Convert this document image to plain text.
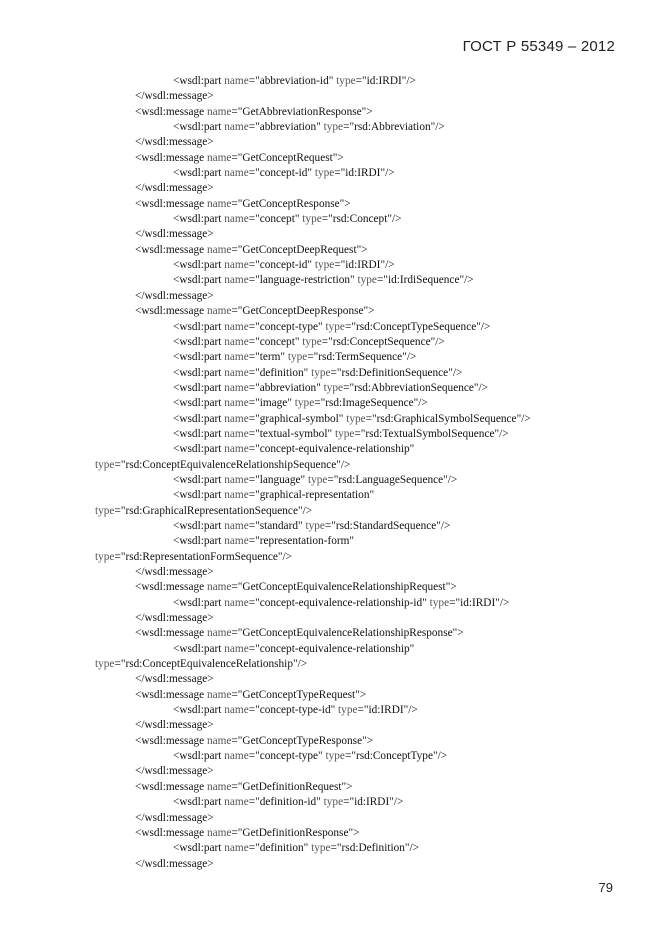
ГОСТ Р 55349 – 2012
<wsdl:part name="abbreviation-id" type="id:IRDI"/>
</wsdl:message>
<wsdl:message name="GetAbbreviationResponse">
<wsdl:part name="abbreviation" type="rsd:Abbreviation"/>
</wsdl:message>
<wsdl:message name="GetConceptRequest">
<wsdl:part name="concept-id" type="id:IRDI"/>
</wsdl:message>
<wsdl:message name="GetConceptResponse">
<wsdl:part name="concept" type="rsd:Concept"/>
</wsdl:message>
<wsdl:message name="GetConceptDeepRequest">
<wsdl:part name="concept-id" type="id:IRDI"/>
<wsdl:part name="language-restriction" type="id:IrdiSequence"/>
</wsdl:message>
<wsdl:message name="GetConceptDeepResponse">
<wsdl:part name="concept-type" type="rsd:ConceptTypeSequence"/>
<wsdl:part name="concept" type="rsd:ConceptSequence"/>
<wsdl:part name="term" type="rsd:TermSequence"/>
<wsdl:part name="definition" type="rsd:DefinitionSequence"/>
<wsdl:part name="abbreviation" type="rsd:AbbreviationSequence"/>
<wsdl:part name="image" type="rsd:ImageSequence"/>
<wsdl:part name="graphical-symbol" type="rsd:GraphicalSymbolSequence"/>
<wsdl:part name="textual-symbol" type="rsd:TextualSymbolSequence"/>
<wsdl:part name="concept-equivalence-relationship"
type="rsd:ConceptEquivalenceRelationshipSequence"/>
<wsdl:part name="language" type="rsd:LanguageSequence"/>
<wsdl:part name="graphical-representation"
type="rsd:GraphicalRepresentationSequence"/>
<wsdl:part name="standard" type="rsd:StandardSequence"/>
<wsdl:part name="representation-form"
type="rsd:RepresentationFormSequence"/>
</wsdl:message>
<wsdl:message name="GetConceptEquivalenceRelationshipRequest">
<wsdl:part name="concept-equivalence-relationship-id" type="id:IRDI"/>
</wsdl:message>
<wsdl:message name="GetConceptEquivalenceRelationshipResponse">
<wsdl:part name="concept-equivalence-relationship"
type="rsd:ConceptEquivalenceRelationship"/>
</wsdl:message>
<wsdl:message name="GetConceptTypeRequest">
<wsdl:part name="concept-type-id" type="id:IRDI"/>
</wsdl:message>
<wsdl:message name="GetConceptTypeResponse">
<wsdl:part name="concept-type" type="rsd:ConceptType"/>
</wsdl:message>
<wsdl:message name="GetDefinitionRequest">
<wsdl:part name="definition-id" type="id:IRDI"/>
</wsdl:message>
<wsdl:message name="GetDefinitionResponse">
<wsdl:part name="definition" type="rsd:Definition"/>
</wsdl:message>
79
